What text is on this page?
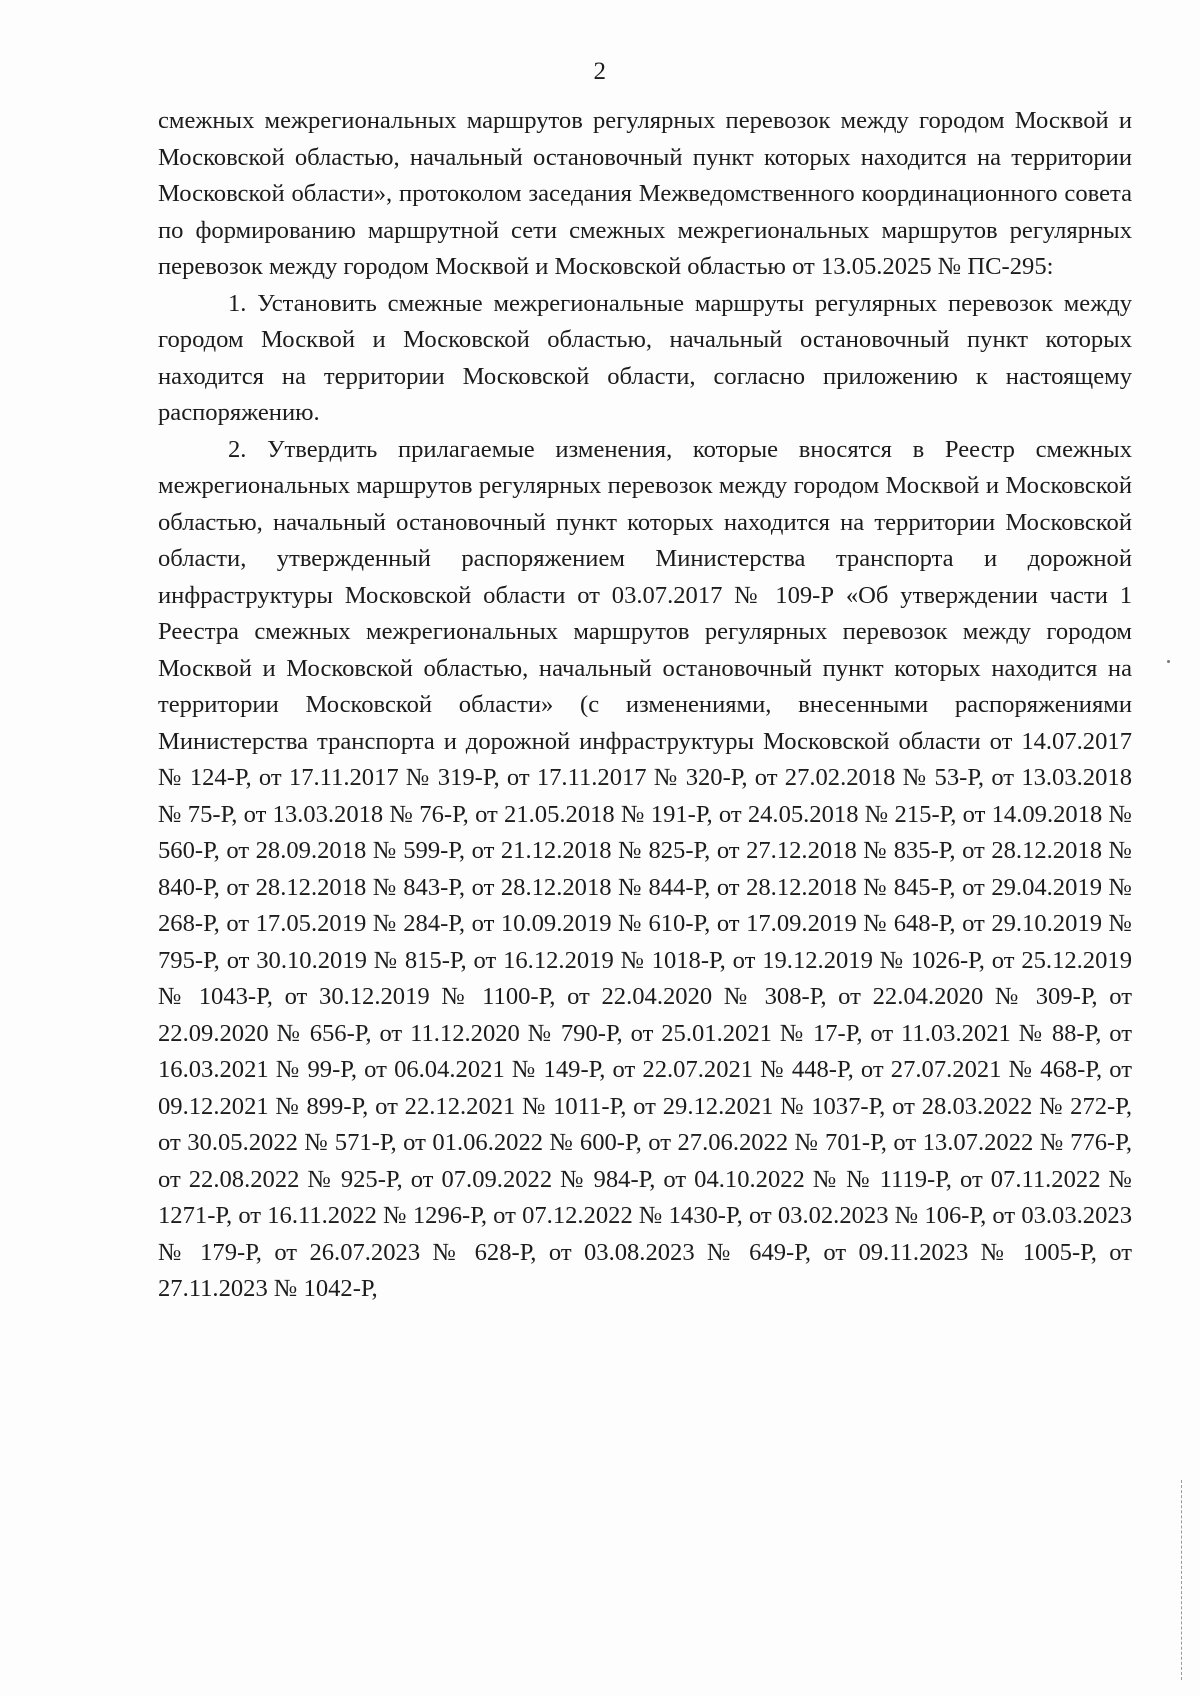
2

смежных межрегиональных маршрутов регулярных перевозок между городом Москвой и Московской областью, начальный остановочный пункт которых находится на территории Московской области», протоколом заседания Межведомственного координационного совета по формированию маршрутной сети смежных межрегиональных маршрутов регулярных перевозок между городом Москвой и Московской областью от 13.05.2025 № ПС-295:

1. Установить смежные межрегиональные маршруты регулярных перевозок между городом Москвой и Московской областью, начальный остановочный пункт которых находится на территории Московской области, согласно приложению к настоящему распоряжению.

2. Утвердить прилагаемые изменения, которые вносятся в Реестр смежных межрегиональных маршрутов регулярных перевозок между городом Москвой и Московской областью, начальный остановочный пункт которых находится на территории Московской области, утвержденный распоряжением Министерства транспорта и дорожной инфраструктуры Московской области от 03.07.2017 № 109-Р «Об утверждении части 1 Реестра смежных межрегиональных маршрутов регулярных перевозок между городом Москвой и Московской областью, начальный остановочный пункт которых находится на территории Московской области» (с изменениями, внесенными распоряжениями Министерства транспорта и дорожной инфраструктуры Московской области от 14.07.2017 № 124-Р, от 17.11.2017 № 319-Р, от 17.11.2017 № 320-Р, от 27.02.2018 № 53-Р, от 13.03.2018 № 75-Р, от 13.03.2018 № 76-Р, от 21.05.2018 № 191-Р, от 24.05.2018 № 215-Р, от 14.09.2018 № 560-Р, от 28.09.2018 № 599-Р, от 21.12.2018 № 825-Р, от 27.12.2018 № 835-Р, от 28.12.2018 № 840-Р, от 28.12.2018 № 843-Р, от 28.12.2018 № 844-Р, от 28.12.2018 № 845-Р, от 29.04.2019 № 268-Р, от 17.05.2019 № 284-Р, от 10.09.2019 № 610-Р, от 17.09.2019 № 648-Р, от 29.10.2019 № 795-Р, от 30.10.2019 № 815-Р, от 16.12.2019 № 1018-Р, от 19.12.2019 № 1026-Р, от 25.12.2019 № 1043-Р, от 30.12.2019 № 1100-Р, от 22.04.2020 № 308-Р, от 22.04.2020 № 309-Р, от 22.09.2020 № 656-Р, от 11.12.2020 № 790-Р, от 25.01.2021 № 17-Р, от 11.03.2021 № 88-Р, от 16.03.2021 № 99-Р, от 06.04.2021 № 149-Р, от 22.07.2021 № 448-Р, от 27.07.2021 № 468-Р, от 09.12.2021 № 899-Р, от 22.12.2021 № 1011-Р, от 29.12.2021 № 1037-Р, от 28.03.2022 № 272-Р, от 30.05.2022 № 571-Р, от 01.06.2022 № 600-Р, от 27.06.2022 № 701-Р, от 13.07.2022 № 776-Р, от 22.08.2022 № 925-Р, от 07.09.2022 № 984-Р, от 04.10.2022 № № 1119-Р, от 07.11.2022 № 1271-Р, от 16.11.2022 № 1296-Р, от 07.12.2022 № 1430-Р, от 03.02.2023 № 106-Р, от 03.03.2023 № 179-Р, от 26.07.2023 № 628-Р, от 03.08.2023 № 649-Р, от 09.11.2023 № 1005-Р, от 27.11.2023 № 1042-Р,
